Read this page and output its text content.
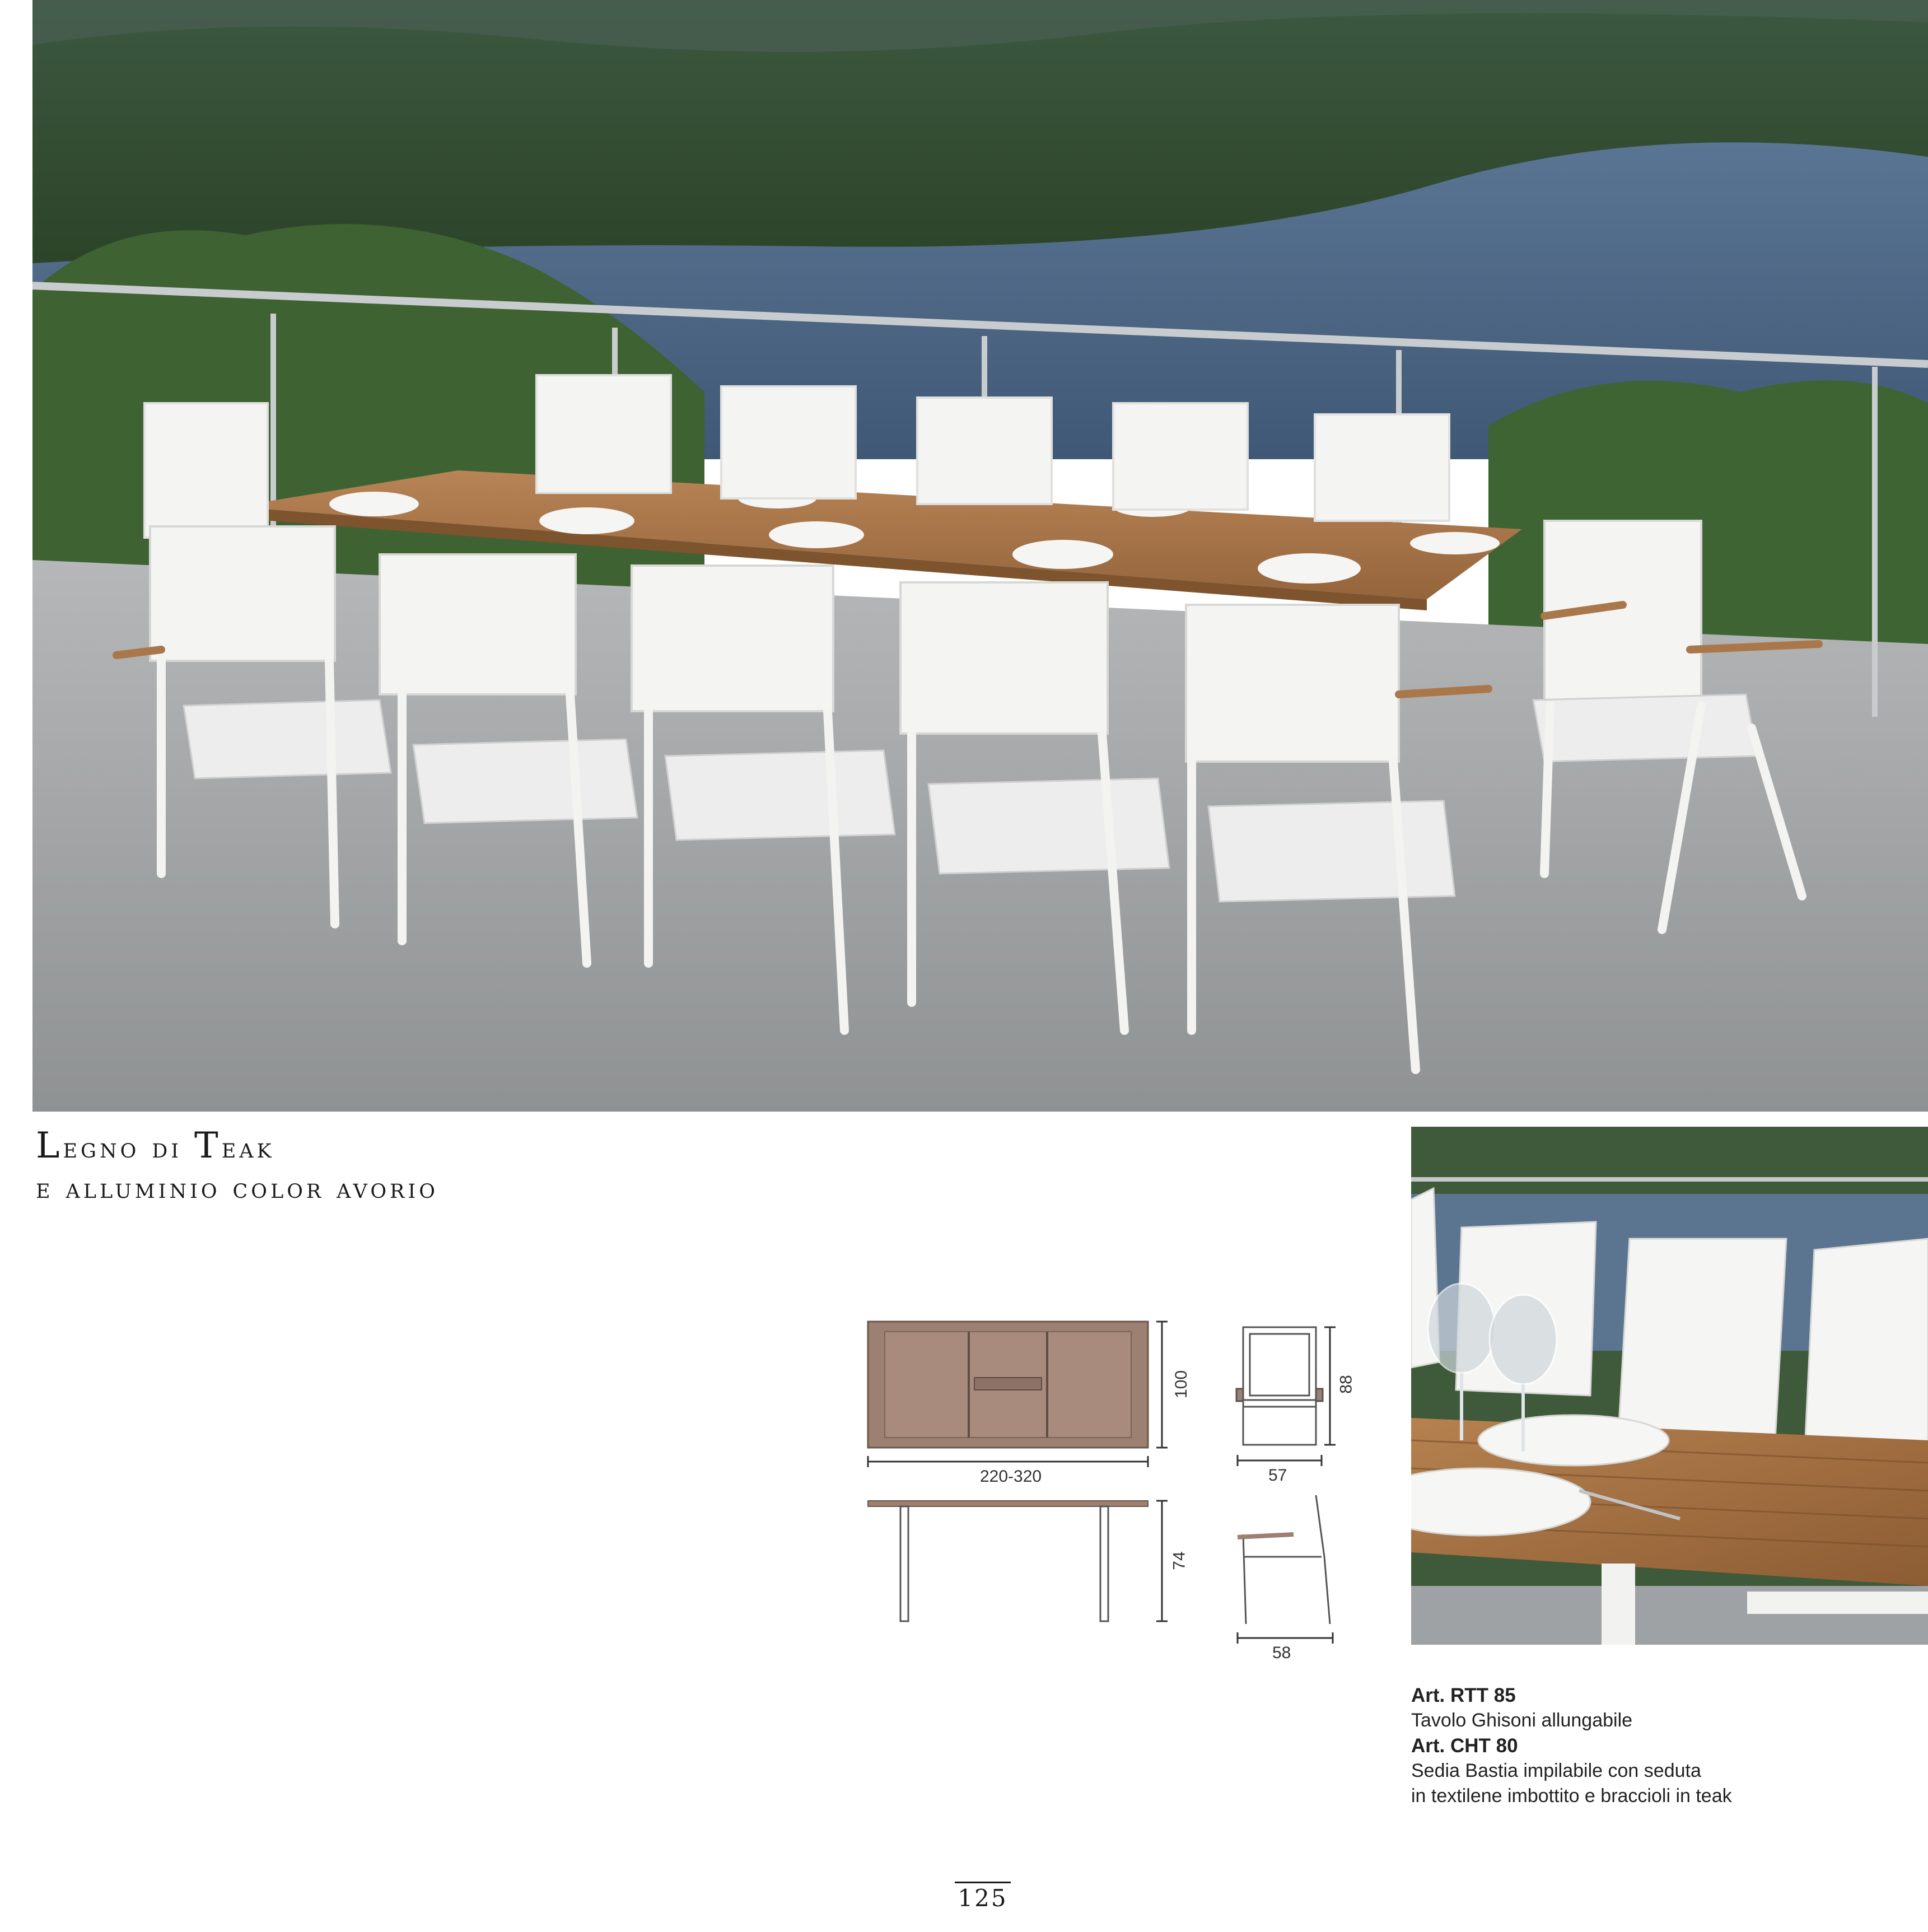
Legno di Teak
e alluminio color avorio
220-320
100
74
88
57
58
Art. RTT 85
Tavolo Ghisoni allungabile
Art. CHT 80
Sedia Bastia impilabile con seduta
in textilene imbottito e braccioli in teak
125
